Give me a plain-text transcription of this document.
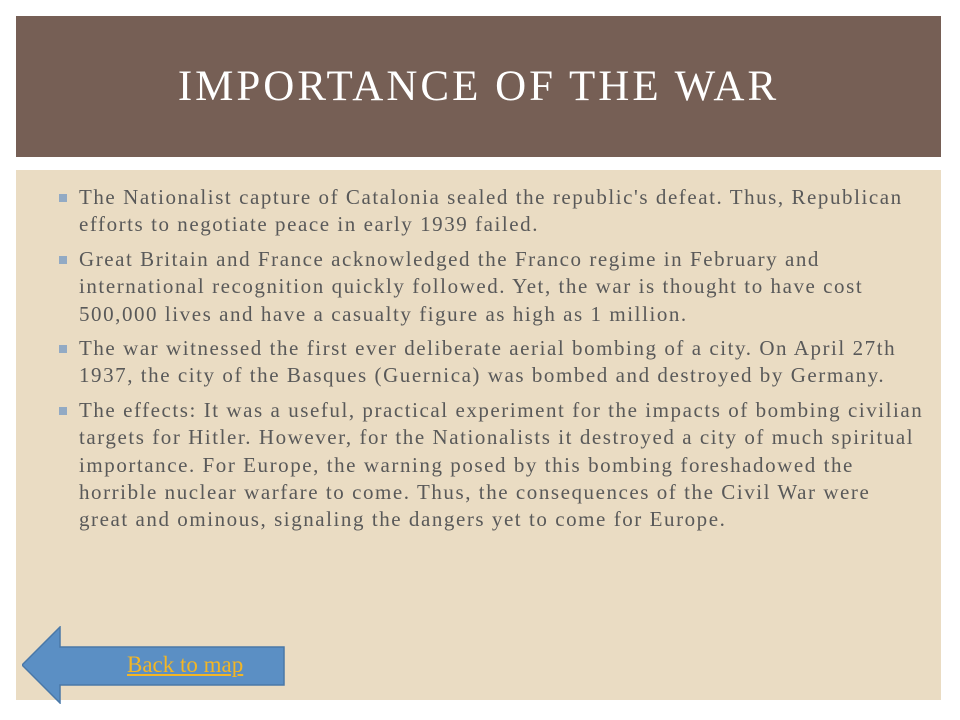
IMPORTANCE OF THE WAR
The Nationalist capture of Catalonia sealed the republic's defeat. Thus, Republican efforts to negotiate peace in early 1939 failed.
Great Britain and France acknowledged the Franco regime in February and international recognition quickly followed. Yet, the war is thought to have cost 500,000 lives and have a casualty figure as high as 1 million.
The war witnessed the first ever deliberate aerial bombing of a city. On April 27th 1937, the city of the Basques (Guernica) was bombed and destroyed by Germany.
The effects: It was a useful, practical experiment for the impacts of bombing civilian targets for Hitler. However, for the Nationalists it destroyed a city of much spiritual importance. For Europe, the warning posed by this bombing foreshadowed the horrible nuclear warfare to come. Thus, the consequences of the Civil War were great and ominous, signaling the dangers yet to come for Europe.
Back to map
